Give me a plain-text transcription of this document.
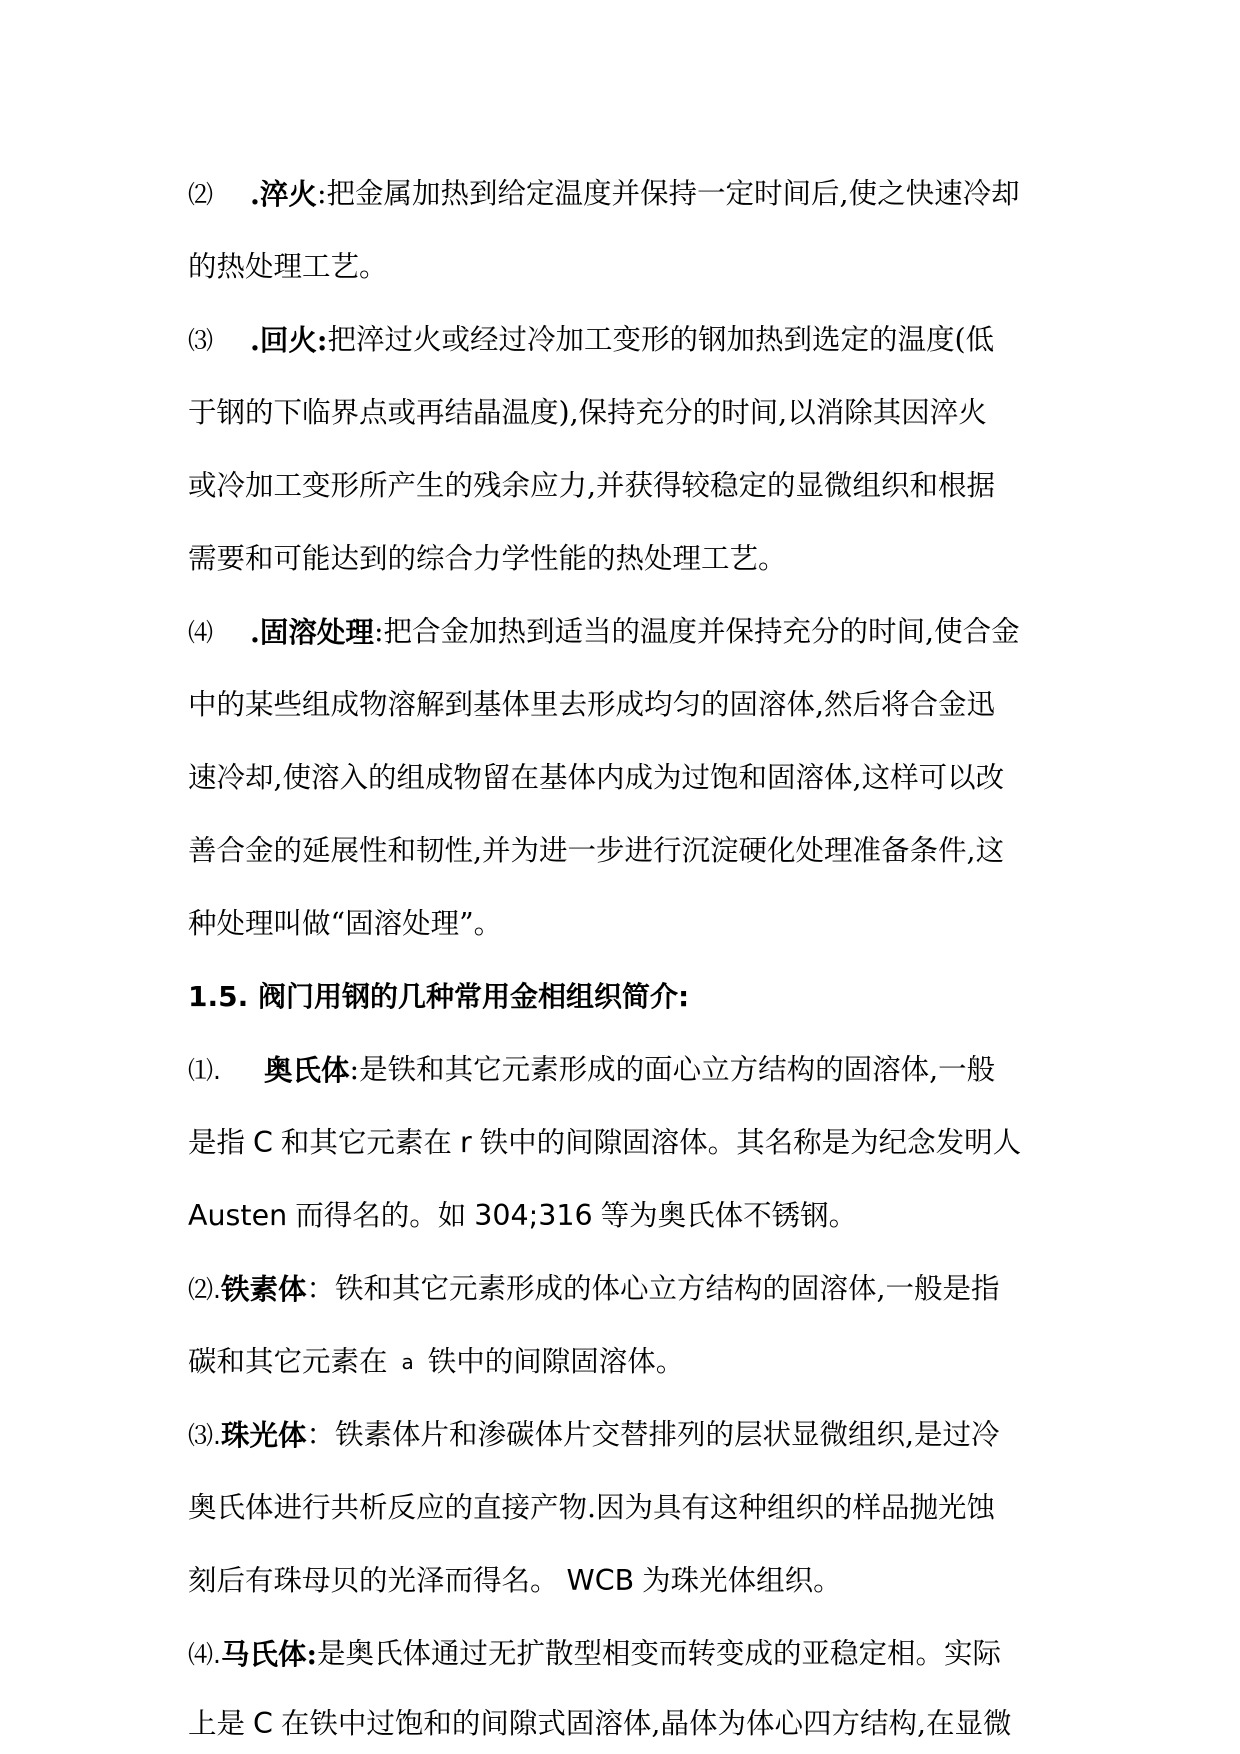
⑵	.淬火 :把金属加热到给定温度并保持一定时间后,使之快速冷却
的热处理工艺。
⑶	.回火: 把淬过火或经过冷加工变形的钢加热到选定的温度(低
于钢的下临界点或再结晶温度),保持充分的时间,以消除其因淬火
或冷加工变形所产生的残余应力,并获得较稳定的显微组织和根据
需要和可能达到的综合力学性能的热处理工艺。
⑷	.固溶处理 :把合金加热到适当的温度并保持充分的时间,使合金
中的某些组成物溶解到基体里去形成均匀的固溶体,然后将合金迅
速冷却,使溶入的组成物留在基体内成为过饱和固溶体,这样可以改
善合金的延展性和韧性,并为进一步进行沉淀硬化处理准备条件,这
种处理叫做“固溶处理”。
1.5. 阀门用钢的几种常用金相组织简介:
⑴.	奥氏体 :是铁和其它元素形成的面心立方结构的固溶体,一般
是指 C 和其它元素在 r 铁中的间隙固溶体。其名称是为纪念发明人
Austen 而得名的。如 304;316 等为奥氏体不锈钢。
⑵. 铁素体 ： 铁和其它元素形成的体心立方结构的固溶体,一般是指
碳和其它元素在 a 铁中的间隙固溶体。
⑶. 珠光体 ： 铁素体片和渗碳体片交替排列的层状显微组织,是过冷
奥氏体进行共析反应的直接产物.因为具有这种组织的样品抛光蚀
刻后有珠母贝的光泽而得名。 WCB 为珠光体组织。
⑷. 马氏体: 是奥氏体通过无扩散型相变而转变成的亚稳定相。实际
上是 C 在铁中过饱和的间隙式固溶体,晶体为体心四方结构,在显微
